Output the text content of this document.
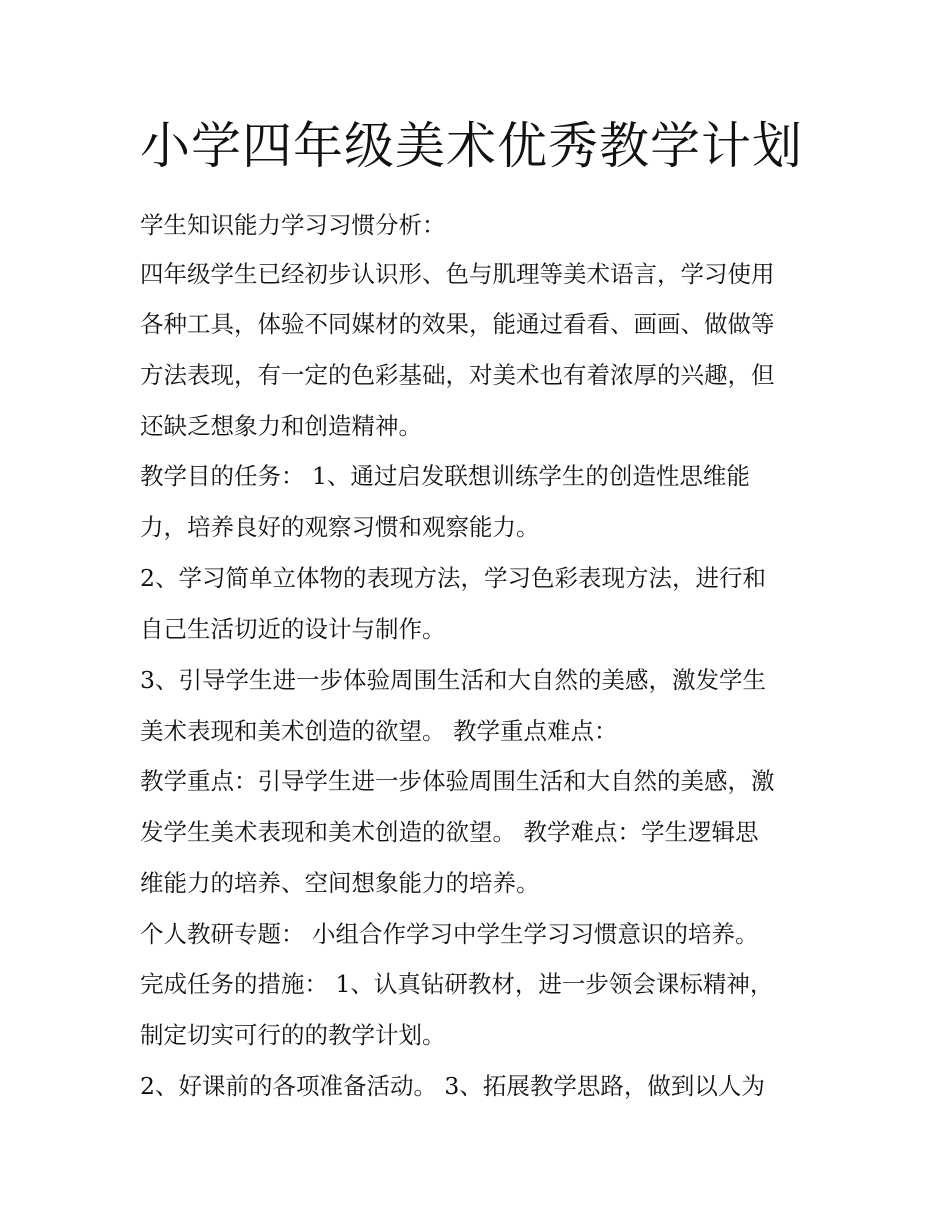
小学四年级美术优秀教学计划

学生知识能力学习习惯分析：

四年级学生已经初步认识形、色与肌理等美术语言，学习使用

各种工具，体验不同媒材的效果，能通过看看、画画、做做等

方法表现，有一定的色彩基础，对美术也有着浓厚的兴趣，但

还缺乏想象力和创造精神。

教学目的任务： 1、通过启发联想训练学生的创造性思维能

力，培养良好的观察习惯和观察能力。

2、学习简单立体物的表现方法，学习色彩表现方法，进行和

自己生活切近的设计与制作。

3、引导学生进一步体验周围生活和大自然的美感，激发学生

美术表现和美术创造的欲望。 教学重点难点：

教学重点：引导学生进一步体验周围生活和大自然的美感，激

发学生美术表现和美术创造的欲望。 教学难点：学生逻辑思

维能力的培养、空间想象能力的培养。

个人教研专题： 小组合作学习中学生学习习惯意识的培养。

完成任务的措施： 1、认真钻研教材，进一步领会课标精神，

制定切实可行的的教学计划。

2、好课前的各项准备活动。 3、拓展教学思路，做到以人为
